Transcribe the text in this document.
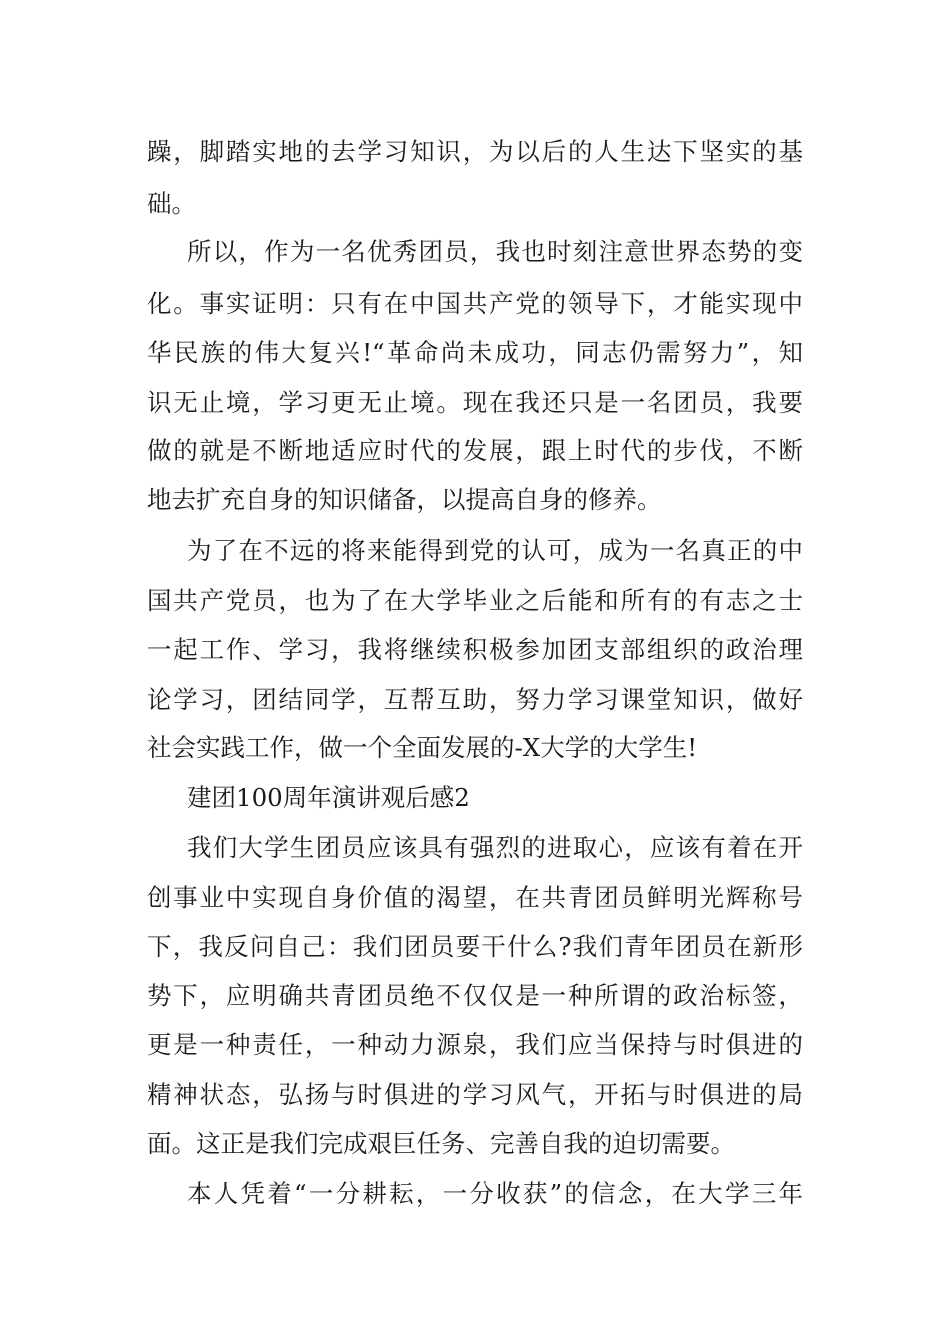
躁，脚踏实地的去学习知识，为以后的人生达下坚实的基
础。
所以，作为一名优秀团员，我也时刻注意世界态势的变
化。事实证明：只有在中国共产党的领导下，才能实现中
华民族的伟大复兴!“革命尚未成功，同志仍需努力”，知
识无止境，学习更无止境。现在我还只是一名团员，我要
做的就是不断地适应时代的发展，跟上时代的步伐，不断
地去扩充自身的知识储备，以提高自身的修养。
为了在不远的将来能得到党的认可，成为一名真正的中
国共产党员，也为了在大学毕业之后能和所有的有志之士
一起工作、学习，我将继续积极参加团支部组织的政治理
论学习，团结同学，互帮互助，努力学习课堂知识，做好
社会实践工作，做一个全面发展的-X大学的大学生!
建团100周年演讲观后感2
我们大学生团员应该具有强烈的进取心，应该有着在开
创事业中实现自身价值的渴望，在共青团员鲜明光辉称号
下，我反问自己：我们团员要干什么?我们青年团员在新形
势下，应明确共青团员绝不仅仅是一种所谓的政治标签，
更是一种责任，一种动力源泉，我们应当保持与时俱进的
精神状态，弘扬与时俱进的学习风气，开拓与时俱进的局
面。这正是我们完成艰巨任务、完善自我的迫切需要。
本人凭着“一分耕耘，一分收获”的信念，在大学三年
